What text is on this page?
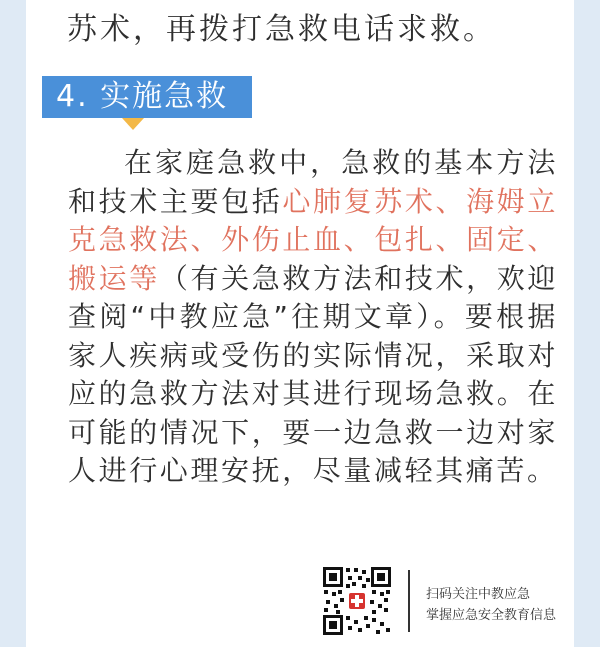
苏术，再拨打急救电话求救。
4. 实施急救

在家庭急救中，急救的基本方法和技术主要包括心肺复苏术、海姆立克急救法、外伤止血、包扎、固定、搬运等（有关急救方法和技术，欢迎查阅“中教应急”往期文章）。要根据家人疾病或受伤的实际情况，采取对应的急救方法对其进行现场急救。在可能的情况下，要一边急救一边对家人进行心理安抚，尽量减轻其痛苦。

扫码关注中教应急
掌握应急安全教育信息
